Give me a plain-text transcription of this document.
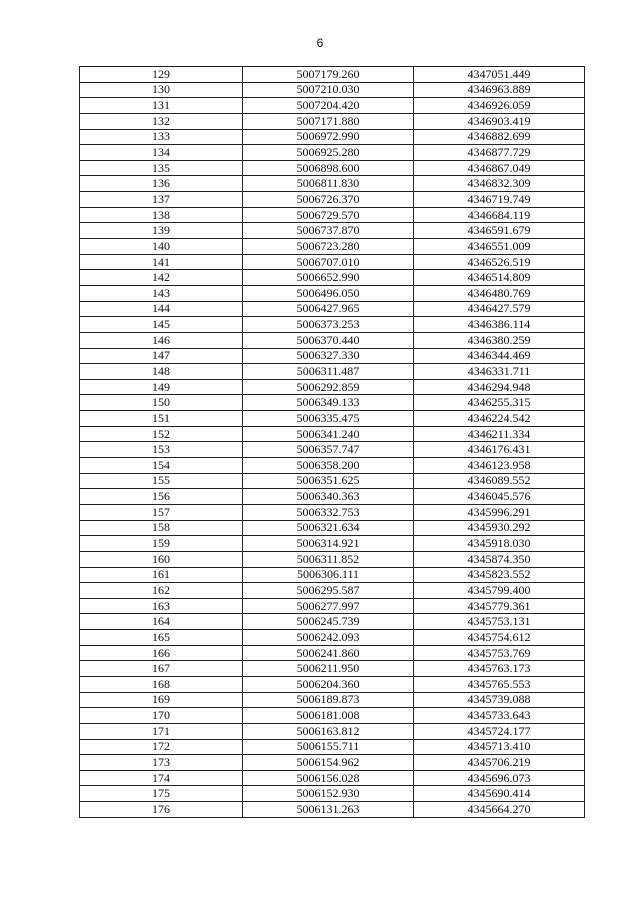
6
129	5007179.260	4347051.449
130	5007210.030	4346963.889
131	5007204.420	4346926.059
132	5007171.880	4346903.419
133	5006972.990	4346882.699
134	5006925.280	4346877.729
135	5006898.600	4346867.049
136	5006811.830	4346832.309
137	5006726.370	4346719.749
138	5006729.570	4346684.119
139	5006737.870	4346591.679
140	5006723.280	4346551.009
141	5006707.010	4346526.519
142	5006652.990	4346514.809
143	5006496.050	4346480.769
144	5006427.965	4346427.579
145	5006373.253	4346386.114
146	5006370.440	4346380.259
147	5006327.330	4346344.469
148	5006311.487	4346331.711
149	5006292.859	4346294.948
150	5006349.133	4346255.315
151	5006335.475	4346224.542
152	5006341.240	4346211.334
153	5006357.747	4346176.431
154	5006358.200	4346123.958
155	5006351.625	4346089.552
156	5006340.363	4346045.576
157	5006332.753	4345996.291
158	5006321.634	4345930.292
159	5006314.921	4345918.030
160	5006311.852	4345874.350
161	5006306.111	4345823.552
162	5006295.587	4345799.400
163	5006277.997	4345779.361
164	5006245.739	4345753.131
165	5006242.093	4345754.612
166	5006241.860	4345753.769
167	5006211.950	4345763.173
168	5006204.360	4345765.553
169	5006189.873	4345739.088
170	5006181.008	4345733.643
171	5006163.812	4345724.177
172	5006155.711	4345713.410
173	5006154.962	4345706.219
174	5006156.028	4345696.073
175	5006152.930	4345690.414
176	5006131.263	4345664.270
